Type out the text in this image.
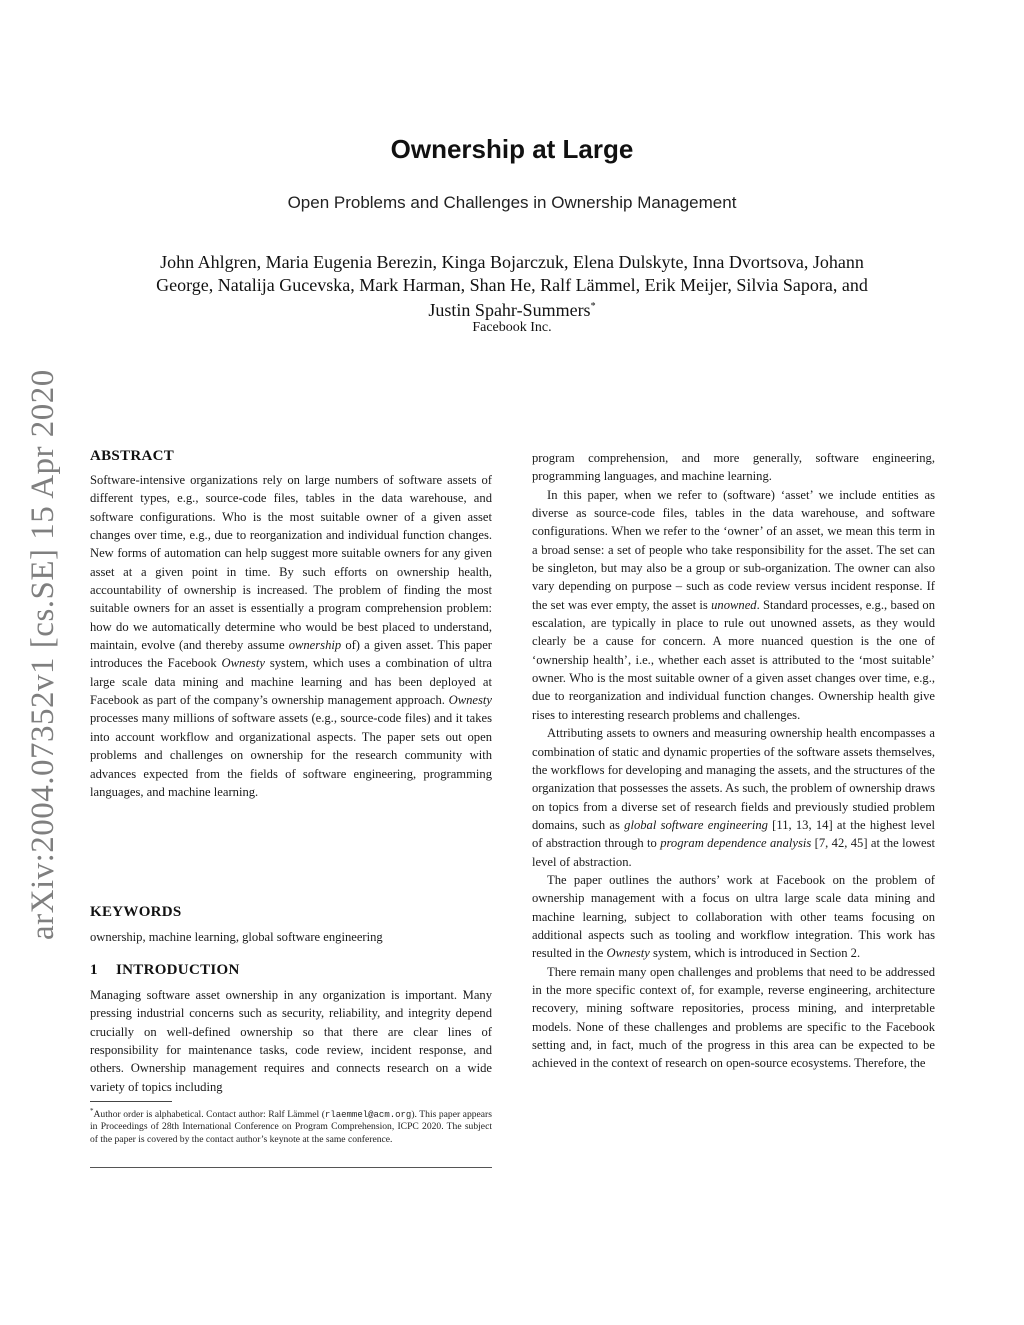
Ownership at Large
Open Problems and Challenges in Ownership Management
John Ahlgren, Maria Eugenia Berezin, Kinga Bojarczuk, Elena Dulskyte, Inna Dvortsova, Johann
George, Natalija Gucevska, Mark Harman, Shan He, Ralf Lämmel, Erik Meijer, Silvia Sapora, and
Justin Spahr-Summers*
Facebook Inc.
arXiv:2004.07352v1 [cs.SE] 15 Apr 2020 ABSTRACT

Software-intensive organizations rely on large numbers of software assets of different types, e.g., source-code files, tables in the data warehouse, and software configurations. Who is the most suitable owner of a given asset changes over time, e.g., due to reorganization and individual function changes. New forms of automation can help suggest more suitable owners for any given asset at a given point in time. By such efforts on ownership health, accountability of ownership is increased. The problem of finding the most suitable owners for an asset is essentially a program comprehension problem: how do we automatically determine who would be best placed to understand, maintain, evolve (and thereby assume ownership of) a given asset. This paper introduces the Facebook Ownesty system, which uses a combination of ultra large scale data mining and machine learning and has been deployed at Facebook as part of the company’s ownership management approach. Ownesty processes many millions of software assets (e.g., source-code files) and it takes into account workflow and organizational aspects. The paper sets out open problems and challenges on ownership for the research community with advances expected from the fields of software engineering, programming languages, and machine learning.

KEYWORDS

ownership, machine learning, global software engineering

1 INTRODUCTION

Managing software asset ownership in any organization is important. Many pressing industrial concerns such as security, reliability, and integrity depend crucially on well-defined ownership so that there are clear lines of responsibility for maintenance tasks, code review, incident response, and others. Ownership management requires and connects research on a wide variety of topics including

*Author order is alphabetical. Contact author: Ralf Lämmel (rlaemmel@acm.org). This paper appears in Proceedings of 28th International Conference on Program Comprehension, ICPC 2020. The subject of the paper is covered by the contact author’s keynote at the same conference.

program comprehension, and more generally, software engineering, programming languages, and machine learning.

In this paper, when we refer to (software) ‘asset’ we include entities as diverse as source-code files, tables in the data warehouse, and software configurations. When we refer to the ‘owner’ of an asset, we mean this term in a broad sense: a set of people who take responsibility for the asset. The set can be singleton, but may also be a group or sub-organization. The owner can also vary depending on purpose – such as code review versus incident response. If the set was ever empty, the asset is unowned. Standard processes, e.g., based on escalation, are typically in place to rule out unowned assets, as they would clearly be a cause for concern. A more nuanced question is the one of ‘ownership health’, i.e., whether each asset is attributed to the ‘most suitable’ owner. Who is the most suitable owner of a given asset changes over time, e.g., due to reorganization and individual function changes. Ownership health give rises to interesting research problems and challenges.

Attributing assets to owners and measuring ownership health encompasses a combination of static and dynamic properties of the software assets themselves, the workflows for developing and managing the assets, and the structures of the organization that possesses the assets. As such, the problem of ownership draws on topics from a diverse set of research fields and previously studied problem domains, such as global software engineering [11, 13, 14] at the highest level of abstraction through to program dependence analysis [7, 42, 45] at the lowest level of abstraction.

The paper outlines the authors’ work at Facebook on the problem of ownership management with a focus on ultra large scale data mining and machine learning, subject to collaboration with other teams focusing on additional aspects such as tooling and workflow integration. This work has resulted in the Ownesty system, which is introduced in Section 2.

There remain many open challenges and problems that need to be addressed in the more specific context of, for example, reverse engineering, architecture recovery, mining software repositories, process mining, and interpretable models. None of these challenges and problems are specific to the Facebook setting and, in fact, much of the progress in this area can be expected to be achieved in the context of research on open-source ecosystems. Therefore, the
